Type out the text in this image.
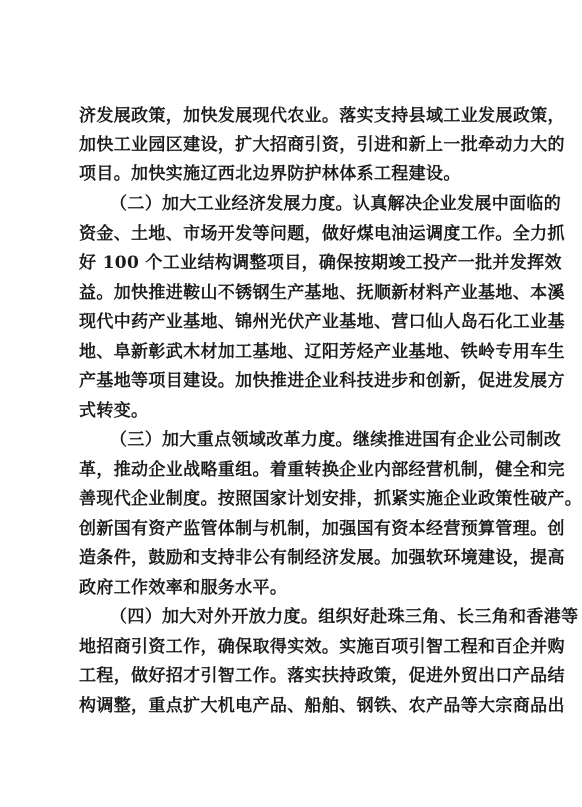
济发展政策，加快发展现代农业。落实支持县域工业发展政策，
加快工业园区建设，扩大招商引资，引进和新上一批牵动力大的
项目。加快实施辽西北边界防护林体系工程建设。
（二）加大工业经济发展力度。认真解决企业发展中面临的
资金、土地、市场开发等问题，做好煤电油运调度工作。全力抓
好 100 个工业结构调整项目，确保按期竣工投产一批并发挥效
益。加快推进鞍山不锈钢生产基地、抚顺新材料产业基地、本溪
现代中药产业基地、锦州光伏产业基地、营口仙人岛石化工业基
地、阜新彰武木材加工基地、辽阳芳烃产业基地、铁岭专用车生
产基地等项目建设。加快推进企业科技进步和创新，促进发展方
式转变。
（三）加大重点领域改革力度。继续推进国有企业公司制改
革，推动企业战略重组。着重转换企业内部经营机制，健全和完
善现代企业制度。按照国家计划安排，抓紧实施企业政策性破产。
创新国有资产监管体制与机制，加强国有资本经营预算管理。创
造条件，鼓励和支持非公有制经济发展。加强软环境建设，提高
政府工作效率和服务水平。
（四）加大对外开放力度。组织好赴珠三角、长三角和香港等
地招商引资工作，确保取得实效。实施百项引智工程和百企并购
工程，做好招才引智工作。落实扶持政策，促进外贸出口产品结
构调整，重点扩大机电产品、船舶、钢铁、农产品等大宗商品出
